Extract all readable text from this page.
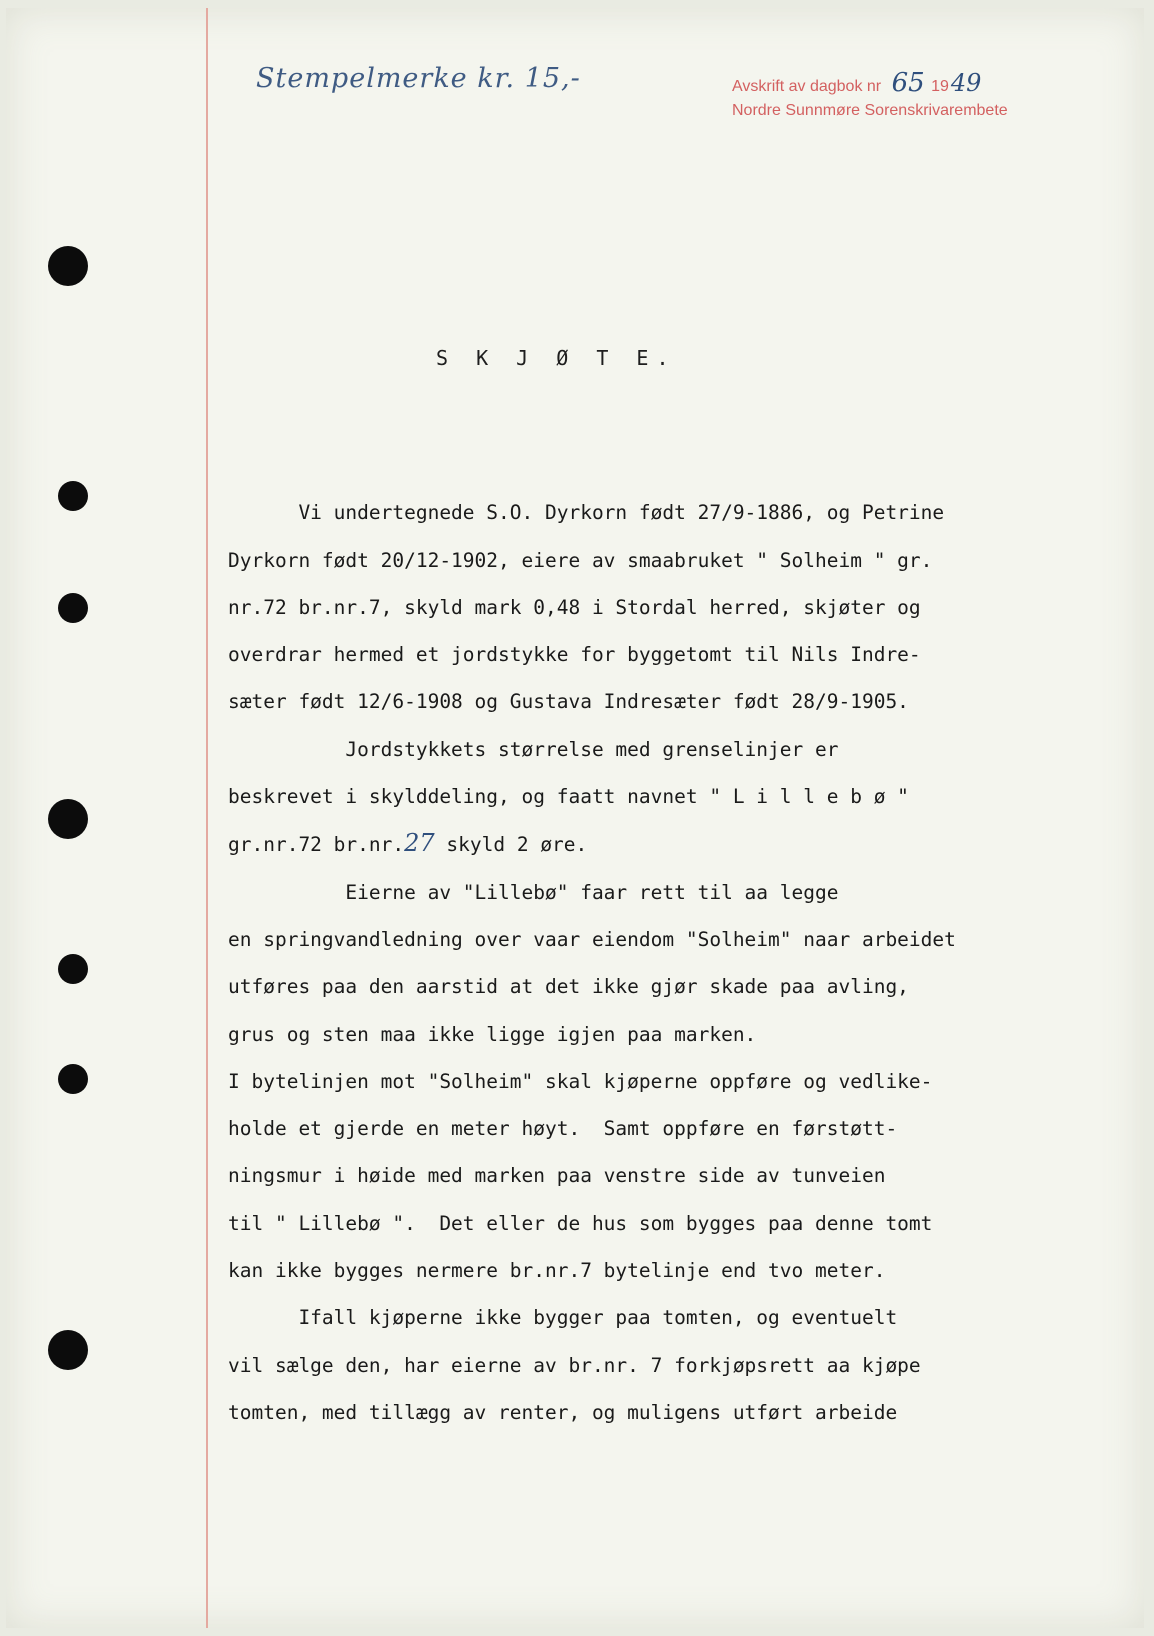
Stempelmerke kr. 15,-	Avskrift av dagbok nr 65 1949
Nordre Sunnmøre Sorenskrivarembete
S K J Ø T E.

Vi undertegnede S.O. Dyrkorn født 27/9-1886, og Petrine
Dyrkorn født 20/12-1902, eiere av smaabruket " Solheim " gr.
nr.72 br.nr.7, skyld mark 0,48 i Stordal herred, skjøter og
overdrar hermed et jordstykke for byggetomt til Nils Indre-
sæter født 12/6-1908 og Gustava Indresæter født 28/9-1905.
Jordstykkets størrelse med grenselinjer er
beskrevet i skylddeling, og faatt navnet " L i l l e b ø "
gr.nr.72 br.nr.27 skyld 2 øre.
Eierne av "Lillebø" faar rett til aa legge
en springvandledning over vaar eiendom "Solheim" naar arbeidet
utføres paa den aarstid at det ikke gjør skade paa avling,
grus og sten maa ikke ligge igjen paa marken.
I bytelinjen mot "Solheim" skal kjøperne oppføre og vedlike-
holde et gjerde en meter høyt.  Samt oppføre en førstøtt-
ningsmur i høide med marken paa venstre side av tunveien
til " Lillebø ".  Det eller de hus som bygges paa denne tomt
kan ikke bygges nermere br.nr.7 bytelinje end tvo meter.
Ifall kjøperne ikke bygger paa tomten, og eventuelt
vil sælge den, har eierne av br.nr. 7 forkjøpsrett aa kjøpe
tomten, med tillægg av renter, og muligens utført arbeide
